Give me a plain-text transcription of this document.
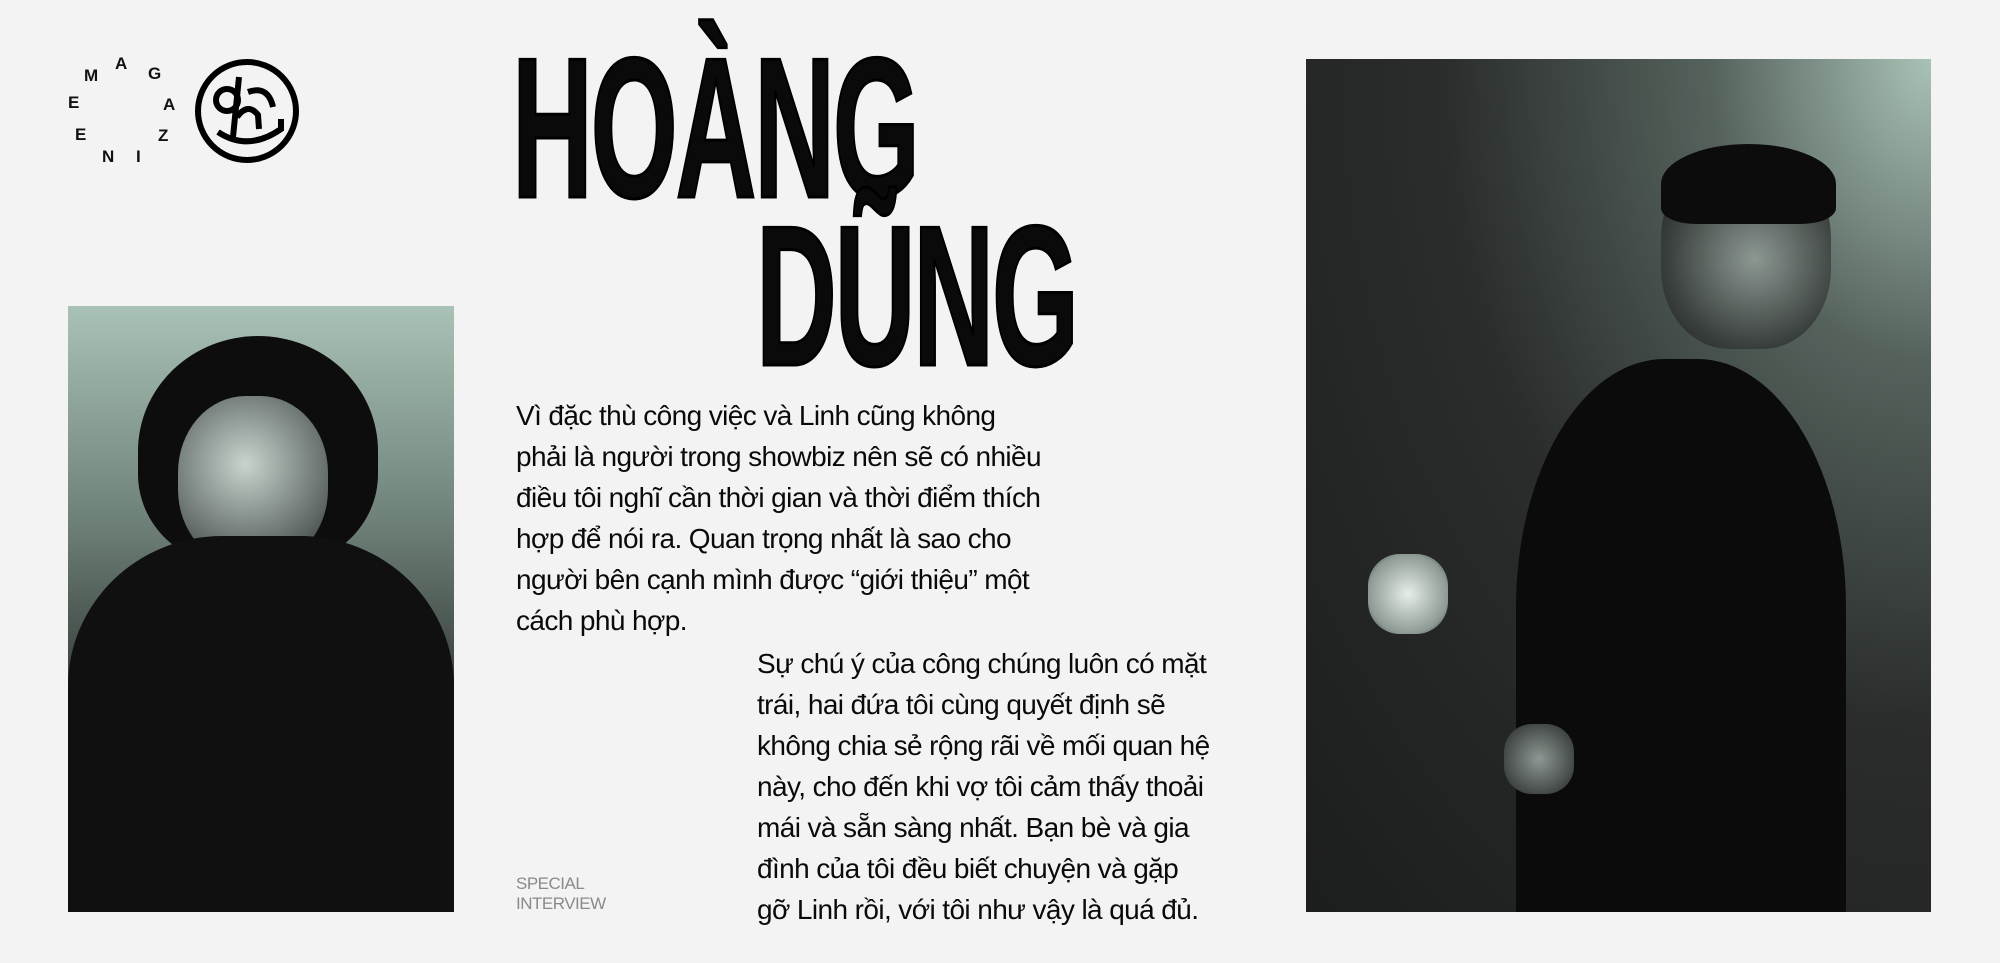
M
A
G
A
Z
I
N
E
E HOÀNG
DŨNG
Vì đặc thù công việc và Linh cũng không
phải là người trong showbiz nên sẽ có nhiều
điều tôi nghĩ cần thời gian và thời điểm thích
hợp để nói ra. Quan trọng nhất là sao cho
người bên cạnh mình được “giới thiệu” một
cách phù hợp.
Sự chú ý của công chúng luôn có mặt
trái, hai đứa tôi cùng quyết định sẽ
không chia sẻ rộng rãi về mối quan hệ
này, cho đến khi vợ tôi cảm thấy thoải
mái và sẵn sàng nhất. Bạn bè và gia
đình của tôi đều biết chuyện và gặp
gỡ Linh rồi, với tôi như vậy là quá đủ.
SPECIAL
INTERVIEW
